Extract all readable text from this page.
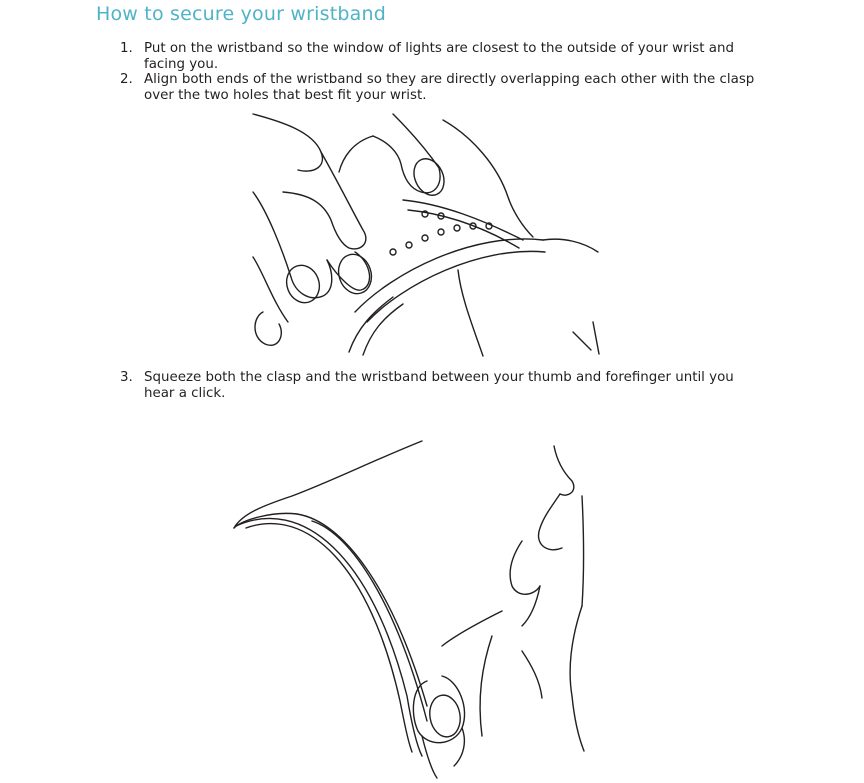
How to secure your wristband
1. Put on the wristband so the window of lights are closest to the outside of your wrist and facing you.
2. Align both ends of the wristband so they are directly overlapping each other with the clasp over the two holes that best fit your wrist.
3. Squeeze both the clasp and the wristband between your thumb and forefinger until you hear a click.
